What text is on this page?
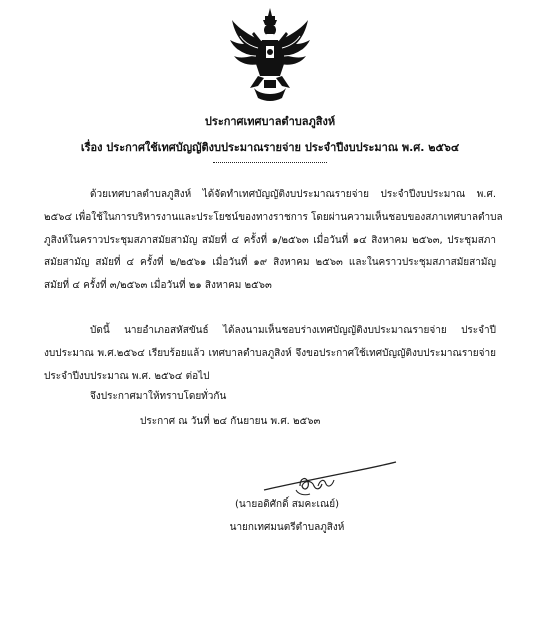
ประกาศเทศบาลตำบลภูสิงห์
เรื่อง ประกาศใช้เทศบัญญัติงบประมาณรายจ่าย ประจำปีงบประมาณ พ.ศ. ๒๕๖๔
ด้วยเทศบาลตำบลภูสิงห์ ได้จัดทำเทศบัญญัติงบประมาณรายจ่าย ประจำปีงบประมาณ พ.ศ.
๒๕๖๔ เพื่อใช้ในการบริหารงานและประโยชน์ของทางราชการ โดยผ่านความเห็นชอบของสภาเทศบาลตำบล
ภูสิงห์ในคราวประชุมสภาสมัยสามัญ สมัยที่ ๔ ครั้งที่ ๑/๒๕๖๓ เมื่อวันที่ ๑๔ สิงหาคม ๒๕๖๓, ประชุมสภา
สมัยสามัญ สมัยที่ ๔ ครั้งที่ ๒/๒๕๖๑ เมื่อวันที่ ๑๙ สิงหาคม ๒๕๖๓ และในคราวประชุมสภาสมัยสามัญ
สมัยที่ ๔ ครั้งที่ ๓/๒๕๖๓ เมื่อวันที่ ๒๑ สิงหาคม ๒๕๖๓
บัดนี้ นายอำเภอสหัสขันธ์ ได้ลงนามเห็นชอบร่างเทศบัญญัติงบประมาณรายจ่าย ประจำปี
งบประมาณ พ.ศ.๒๕๖๔ เรียบร้อยแล้ว เทศบาลตำบลภูสิงห์ จึงขอประกาศใช้เทศบัญญัติงบประมาณรายจ่าย
ประจำปีงบประมาณ พ.ศ. ๒๕๖๔ ต่อไป
จึงประกาศมาให้ทราบโดยทั่วกัน
ประกาศ ณ วันที่ ๒๔ กันยายน พ.ศ. ๒๕๖๓
(นายอดิศักดิ์ สมคะเณย์)
นายกเทศมนตรีตำบลภูสิงห์
